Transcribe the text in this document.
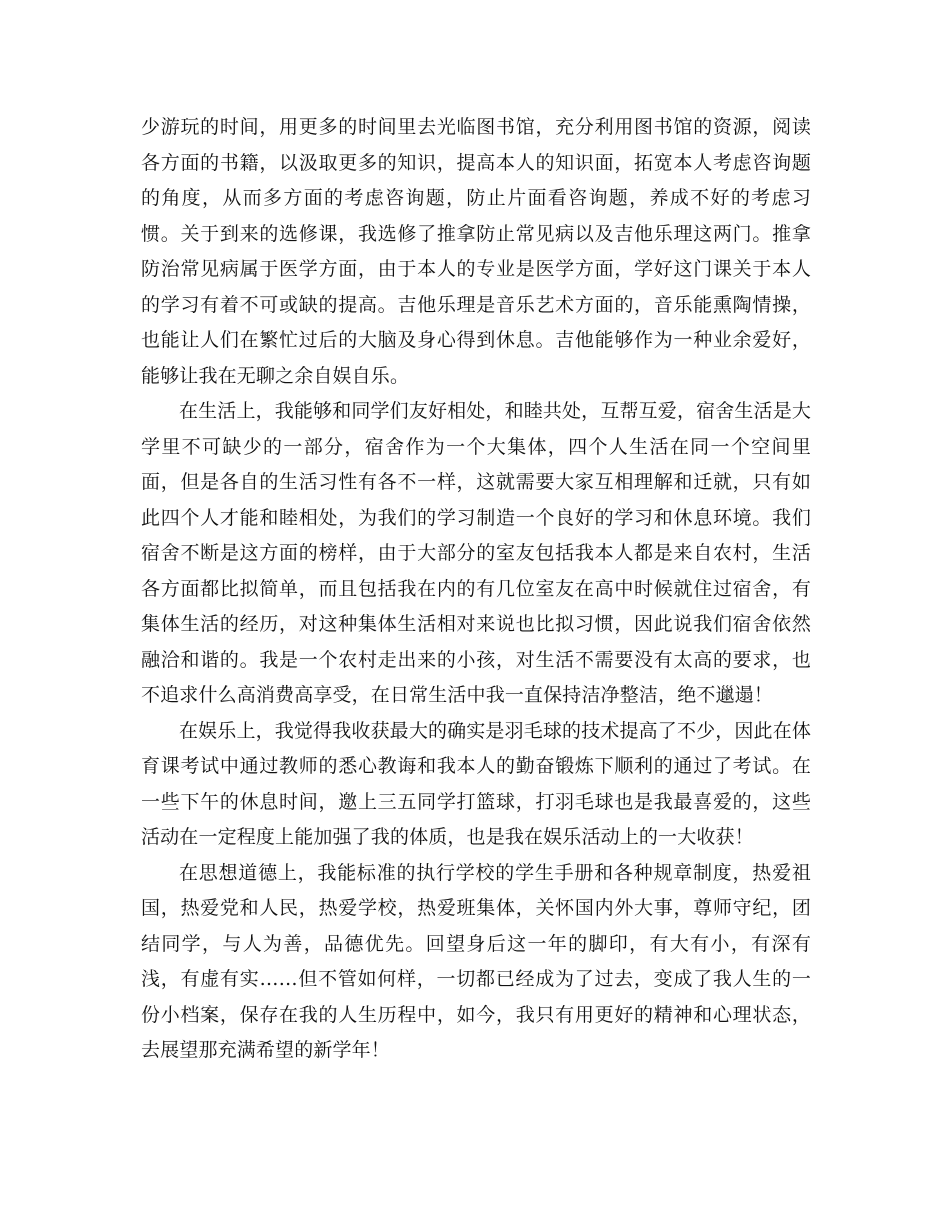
少游玩的时间，用更多的时间里去光临图书馆，充分利用图书馆的资源，阅读各方面的书籍，以汲取更多的知识，提高本人的知识面，拓宽本人考虑咨询题的角度，从而多方面的考虑咨询题，防止片面看咨询题，养成不好的考虑习惯。关于到来的选修课，我选修了推拿防止常见病以及吉他乐理这两门。推拿防治常见病属于医学方面，由于本人的专业是医学方面，学好这门课关于本人的学习有着不可或缺的提高。吉他乐理是音乐艺术方面的，音乐能熏陶情操，也能让人们在繁忙过后的大脑及身心得到休息。吉他能够作为一种业余爱好，能够让我在无聊之余自娱自乐。

在生活上，我能够和同学们友好相处，和睦共处，互帮互爱，宿舍生活是大学里不可缺少的一部分，宿舍作为一个大集体，四个人生活在同一个空间里面，但是各自的生活习性有各不一样，这就需要大家互相理解和迁就，只有如此四个人才能和睦相处，为我们的学习制造一个良好的学习和休息环境。我们宿舍不断是这方面的榜样，由于大部分的室友包括我本人都是来自农村，生活各方面都比拟简单，而且包括我在内的有几位室友在高中时候就住过宿舍，有集体生活的经历，对这种集体生活相对来说也比拟习惯，因此说我们宿舍依然融洽和谐的。我是一个农村走出来的小孩，对生活不需要没有太高的要求，也不追求什么高消费高享受，在日常生活中我一直保持洁净整洁，绝不邋遢！

在娱乐上，我觉得我收获最大的确实是羽毛球的技术提高了不少，因此在体育课考试中通过教师的悉心教诲和我本人的勤奋锻炼下顺利的通过了考试。在一些下午的休息时间，邀上三五同学打篮球，打羽毛球也是我最喜爱的，这些活动在一定程度上能加强了我的体质，也是我在娱乐活动上的一大收获！

在思想道德上，我能标准的执行学校的学生手册和各种规章制度，热爱祖国，热爱党和人民，热爱学校，热爱班集体，关怀国内外大事，尊师守纪，团结同学，与人为善，品德优先。回望身后这一年的脚印，有大有小，有深有浅，有虚有实……但不管如何样，一切都已经成为了过去，变成了我人生的一份小档案，保存在我的人生历程中，如今，我只有用更好的精神和心理状态，去展望那充满希望的新学年！
